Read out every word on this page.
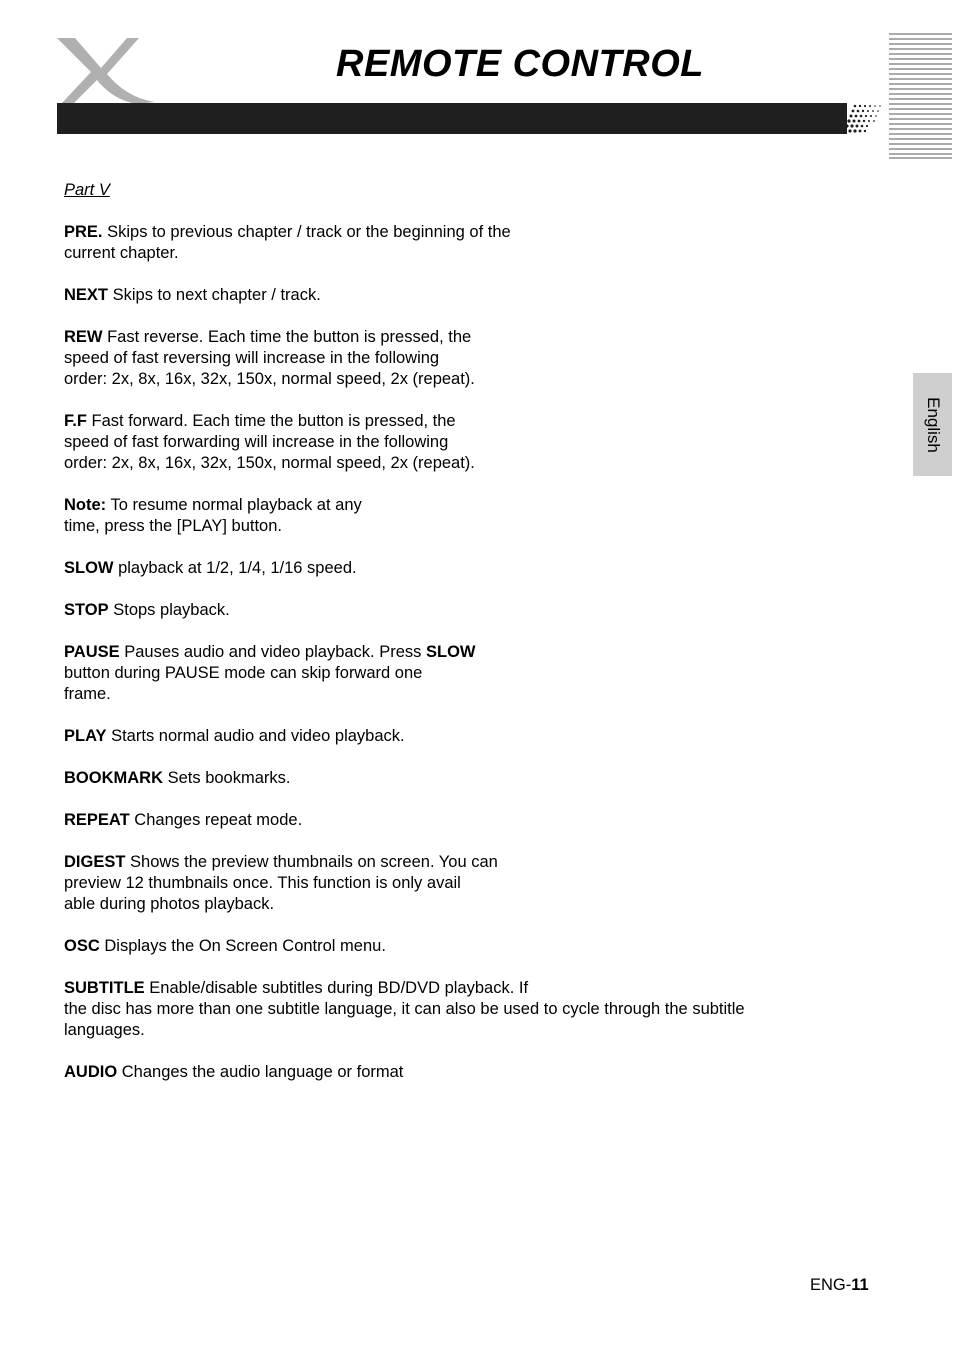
REMOTE CONTROL
English

Part V

PRE. Skips to previous chapter / track or the beginning of the
current chapter.

NEXT Skips to next chapter / track.

REW Fast reverse. Each time the button is pressed, the
speed of fast reversing will increase in the following
order: 2x, 8x, 16x, 32x, 150x, normal speed, 2x (repeat).

F.F Fast forward. Each time the button is pressed, the
speed of fast forwarding will increase in the following
order: 2x, 8x, 16x, 32x, 150x, normal speed, 2x (repeat).

Note: To resume normal playback at any
time, press the [PLAY] button.

SLOW playback at 1/2, 1/4, 1/16 speed.

STOP Stops playback.

PAUSE Pauses audio and video playback. Press SLOW
button during PAUSE mode can skip forward one
frame.

PLAY Starts normal audio and video playback.

BOOKMARK Sets bookmarks.

REPEAT Changes repeat mode.

DIGEST Shows the preview thumbnails on screen. You can
preview 12 thumbnails once. This function is only avail
able during photos playback.

OSC Displays the On Screen Control menu.

SUBTITLE Enable/disable subtitles during BD/DVD playback. If
the disc has more than one subtitle language, it can also be used to cycle through the subtitle
languages.

AUDIO Changes the audio language or format

ENG-11
